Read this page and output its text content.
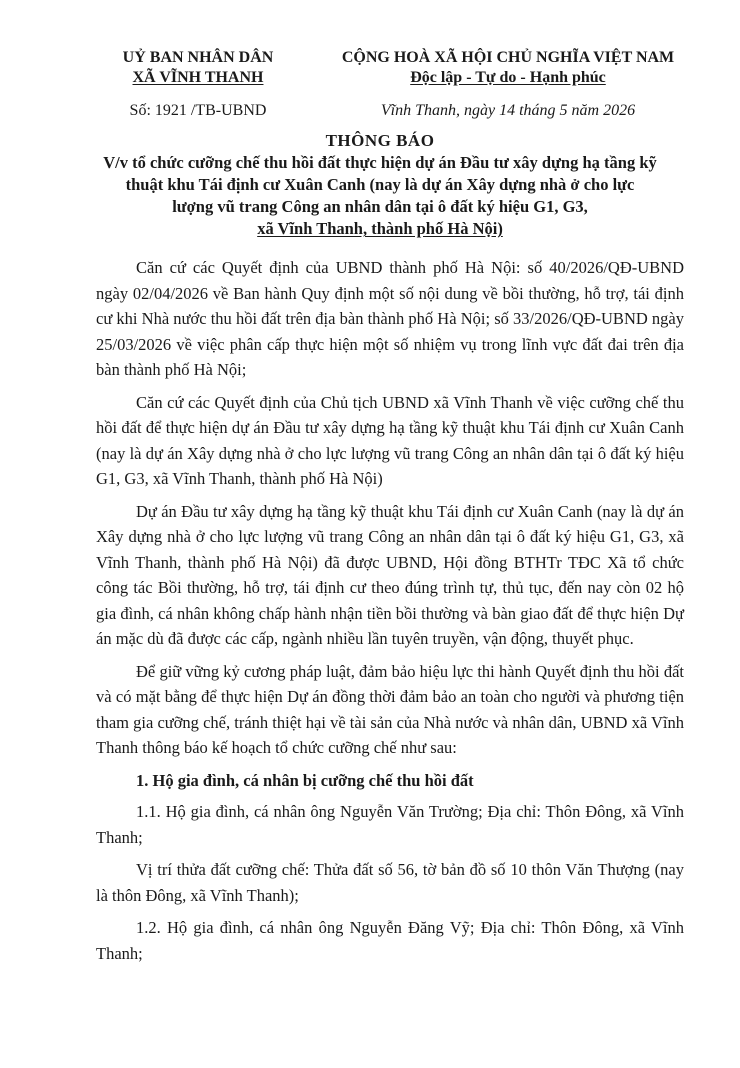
UỶ BAN NHÂN DÂN
XÃ VĨNH THANH
Số: 1921 /TB-UBND
CỘNG HOÀ XÃ HỘI CHỦ NGHĨA VIỆT NAM
Độc lập - Tự do - Hạnh phúc
Vĩnh Thanh, ngày 14 tháng 5 năm 2026
THÔNG BÁO
V/v tổ chức cưỡng chế thu hồi đất thực hiện dự án Đầu tư xây dựng hạ tầng kỹ
thuật khu Tái định cư Xuân Canh (nay là dự án Xây dựng nhà ở cho lực
lượng vũ trang Công an nhân dân tại ô đất ký hiệu G1, G3,
xã Vĩnh Thanh, thành phố Hà Nội)

Căn cứ các Quyết định của UBND thành phố Hà Nội: số 40/2026/QĐ-UBND ngày 02/04/2026 về Ban hành Quy định một số nội dung về bồi thường, hỗ trợ, tái định cư khi Nhà nước thu hồi đất trên địa bàn thành phố Hà Nội; số 33/2026/QĐ-UBND ngày 25/03/2026 về việc phân cấp thực hiện một số nhiệm vụ trong lĩnh vực đất đai trên địa bàn thành phố Hà Nội;

Căn cứ các Quyết định của Chủ tịch UBND xã Vĩnh Thanh về việc cưỡng chế thu hồi đất để thực hiện dự án Đầu tư xây dựng hạ tầng kỹ thuật khu Tái định cư Xuân Canh (nay là dự án Xây dựng nhà ở cho lực lượng vũ trang Công an nhân dân tại ô đất ký hiệu G1, G3, xã Vĩnh Thanh, thành phố Hà Nội)

Dự án Đầu tư xây dựng hạ tầng kỹ thuật khu Tái định cư Xuân Canh (nay là dự án Xây dựng nhà ở cho lực lượng vũ trang Công an nhân dân tại ô đất ký hiệu G1, G3, xã Vĩnh Thanh, thành phố Hà Nội) đã được UBND, Hội đồng BTHTr TĐC Xã tổ chức công tác Bồi thường, hỗ trợ, tái định cư theo đúng trình tự, thủ tục, đến nay còn 02 hộ gia đình, cá nhân không chấp hành nhận tiền bồi thường và bàn giao đất để thực hiện Dự án mặc dù đã được các cấp, ngành nhiều lần tuyên truyền, vận động, thuyết phục.

Để giữ vững kỷ cương pháp luật, đảm bảo hiệu lực thi hành Quyết định thu hồi đất và có mặt bằng để thực hiện Dự án đồng thời đảm bảo an toàn cho người và phương tiện tham gia cưỡng chế, tránh thiệt hại về tài sản của Nhà nước và nhân dân, UBND xã Vĩnh Thanh thông báo kế hoạch tổ chức cưỡng chế như sau:

1. Hộ gia đình, cá nhân bị cưỡng chế thu hồi đất

1.1. Hộ gia đình, cá nhân ông Nguyễn Văn Trường; Địa chỉ: Thôn Đông, xã Vĩnh Thanh;

Vị trí thửa đất cưỡng chế: Thửa đất số 56, tờ bản đồ số 10 thôn Văn Thượng (nay là thôn Đông, xã Vĩnh Thanh);

1.2. Hộ gia đình, cá nhân ông Nguyễn Đăng Vỹ; Địa chỉ: Thôn Đông, xã Vĩnh Thanh;
